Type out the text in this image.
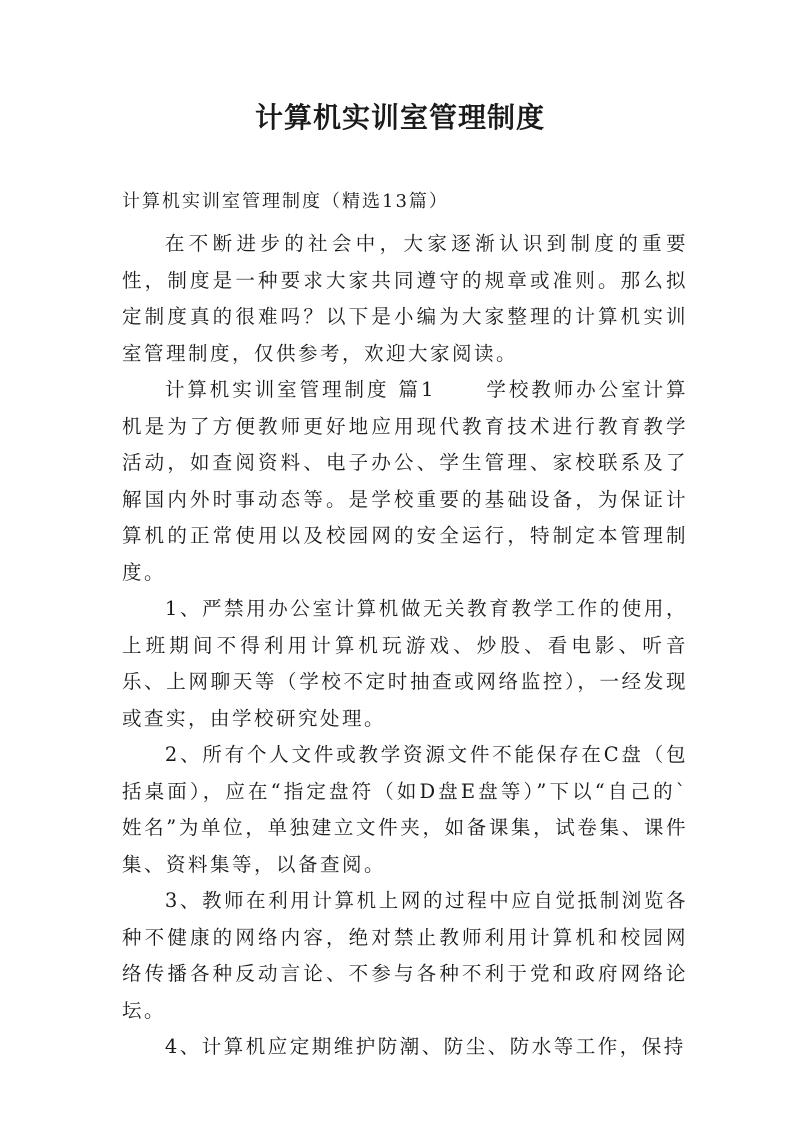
计算机实训室管理制度

计算机实训室管理制度（精选13篇）

在不断进步的社会中，大家逐渐认识到制度的重要性，制度是一种要求大家共同遵守的规章或准则。那么拟定制度真的很难吗？以下是小编为大家整理的计算机实训室管理制度，仅供参考，欢迎大家阅读。

计算机实训室管理制度 篇1	学校教师办公室计算机是为了方便教师更好地应用现代教育技术进行教育教学活动，如查阅资料、电子办公、学生管理、家校联系及了解国内外时事动态等。是学校重要的基础设备，为保证计算机的正常使用以及校园网的安全运行，特制定本管理制度。

1、严禁用办公室计算机做无关教育教学工作的使用，上班期间不得利用计算机玩游戏、炒股、看电影、听音乐、上网聊天等（学校不定时抽查或网络监控），一经发现或查实，由学校研究处理。

2、所有个人文件或教学资源文件不能保存在C盘（包括桌面），应在“指定盘符（如D盘E盘等）”下以“自己的`姓名”为单位，单独建立文件夹，如备课集，试卷集、课件集、资料集等，以备查阅。

3、教师在利用计算机上网的过程中应自觉抵制浏览各种不健康的网络内容，绝对禁止教师利用计算机和校园网络传播各种反动言论、不参与各种不利于党和政府网络论坛。

4、计算机应定期维护防潮、防尘、防水等工作，保持
